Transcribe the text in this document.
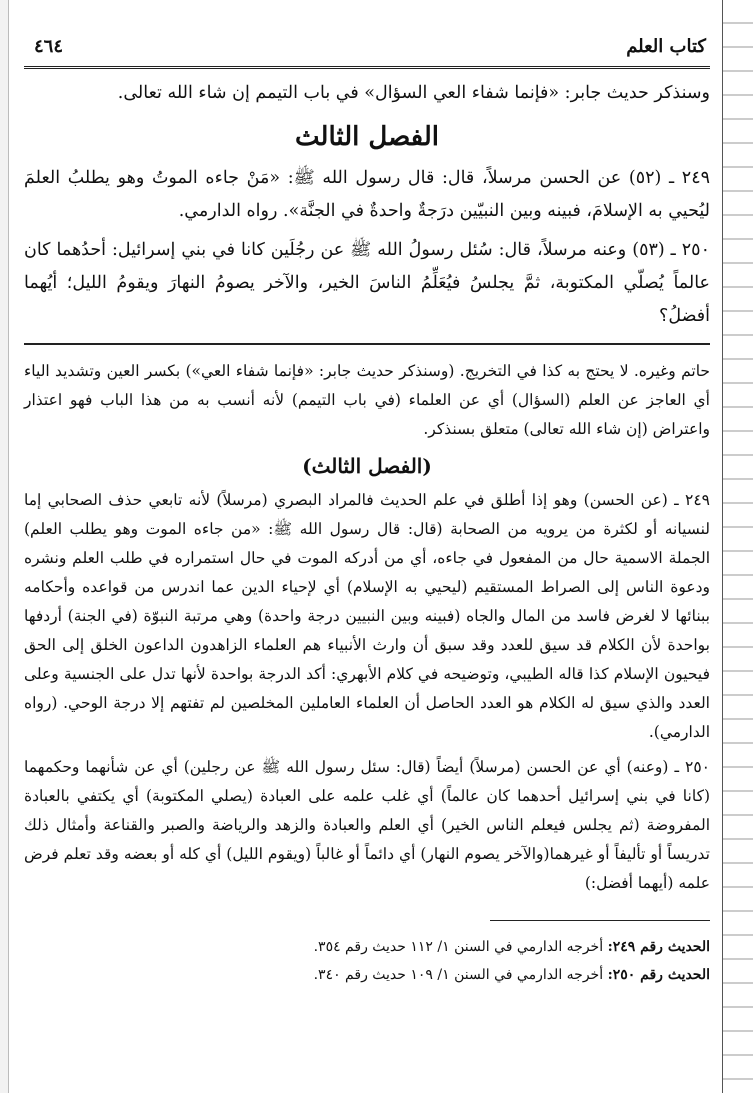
كتاب العلم
٤٦٤

وسنذكر حديث جابر: «فإنما شفاء العي السؤال» في باب التيمم إن شاء الله تعالى.

الفصل الثالث

٢٤٩ ـ (٥٢) عن الحسن مرسلاً، قال: قال رسول الله ﷺ: «مَنْ جاءه الموتُ وهو يطلبُ العلمَ ليُحيي به الإسلامَ، فبينه وبين النبيّين درَجةٌ واحدةٌ في الجنَّة». رواه الدارمي.

٢٥٠ ـ (٥٣) وعنه مرسلاً، قال: سُئل رسولُ الله ﷺ عن رجُلَين كانا في بني إسرائيل: أحدُهما كان عالماً يُصلّي المكتوبة، ثمَّ يجلسُ فيُعَلِّمُ الناسَ الخير، والآخر يصومُ النهارَ ويقومُ الليل؛ أيُهما أفضلُ؟

حاتم وغيره. لا يحتج به كذا في التخريج. (وسنذكر حديث جابر: «فإنما شفاء العي») بكسر العين وتشديد الياء أي العاجز عن العلم (السؤال) أي عن العلماء (في باب التيمم) لأنه أنسب به من هذا الباب فهو اعتذار واعتراض (إن شاء الله تعالى) متعلق بسنذكر.

(الفصل الثالث)

٢٤٩ ـ (عن الحسن) وهو إذا أطلق في علم الحديث فالمراد البصري (مرسلاً) لأنه تابعي حذف الصحابي إما لنسيانه أو لكثرة من يرويه من الصحابة (قال: قال رسول الله ﷺ: «من جاءه الموت وهو يطلب العلم) الجملة الاسمية حال من المفعول في جاءه، أي من أدركه الموت في حال استمراره في طلب العلم ونشره ودعوة الناس إلى الصراط المستقيم (ليحيي به الإسلام) أي لإحياء الدين عما اندرس من قواعده وأحكامه ببنائها لا لغرض فاسد من المال والجاه (فبينه وبين النبيين درجة واحدة) وهي مرتبة النبوّة (في الجنة) أردفها بواحدة لأن الكلام قد سيق للعدد وقد سبق أن وارث الأنبياء هم العلماء الزاهدون الداعون الخلق إلى الحق فيحيون الإسلام كذا قاله الطيبي، وتوضيحه في كلام الأبهري: أكد الدرجة بواحدة لأنها تدل على الجنسية وعلى العدد والذي سيق له الكلام هو العدد الحاصل أن العلماء العاملين المخلصين لم تفتهم إلا درجة الوحي. (رواه الدارمي).

٢٥٠ ـ (وعنه) أي عن الحسن (مرسلاً) أيضاً (قال: سئل رسول الله ﷺ عن رجلين) أي عن شأنهما وحكمهما (كانا في بني إسرائيل أحدهما كان عالماً) أي غلب علمه على العبادة (يصلي المكتوبة) أي يكتفي بالعبادة المفروضة (ثم يجلس فيعلم الناس الخير) أي العلم والعبادة والزهد والرياضة والصبر والقناعة وأمثال ذلك تدريساً أو تأليفاً أو غيرهما(والآخر يصوم النهار) أي دائماً أو غالباً (ويقوم الليل) أي كله أو بعضه وقد تعلم فرض علمه (أيهما أفضل:)

الحديث رقم ٢٤٩: أخرجه الدارمي في السنن ١/ ١١٢ حديث رقم ٣٥٤.

الحديث رقم ٢٥٠: أخرجه الدارمي في السنن ١/ ١٠٩ حديث رقم ٣٤٠.
